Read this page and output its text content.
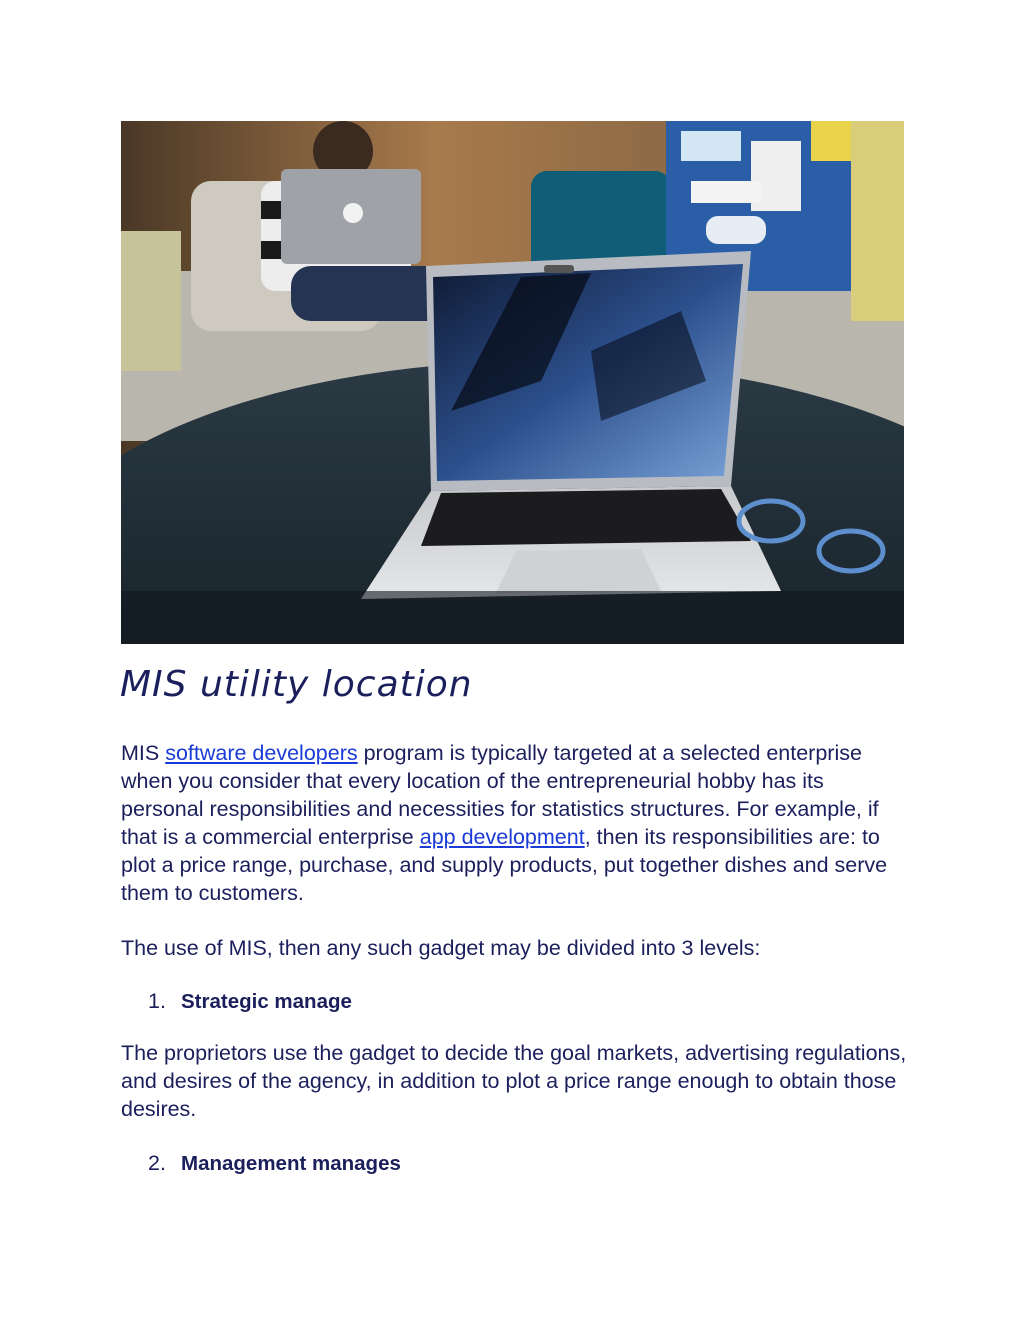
MIS utility location

MIS software developers program is typically targeted at a selected enterprise when you consider that every location of the entrepreneurial hobby has its personal responsibilities and necessities for statistics structures. For example, if that is a commercial enterprise app development, then its responsibilities are: to plot a price range, purchase, and supply products, put together dishes and serve them to customers.

The use of MIS, then any such gadget may be divided into 3 levels:

1. Strategic manage

The proprietors use the gadget to decide the goal markets, advertising regulations, and desires of the agency, in addition to plot a price range enough to obtain those desires.

2. Management manages
